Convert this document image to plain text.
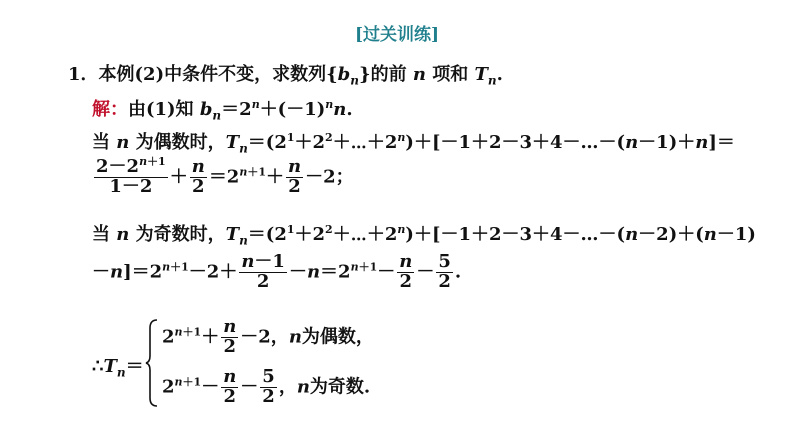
[过关训练]
1．本例(2)中条件不变，求数列$\{b_n\}$的前 n 项和 $T_n$.
解：由(1)知 $b_n=2^n+(-1)^nn$.
当 n 为偶数时，$T_n=(2^1+2^2+\cdots+2^n)+[-1+2-3+4-\dots-(n-1)+n]=$
$\frac{2-2^{n+1}}{1-2} + \frac{n}{2} =2^{n+1}+ \frac{n}{2} -2$；
当 n 为奇数时，$T_n=(2^1+2^2+\cdots+2^n)+[-1+2-3+4-\dots-(n-2)+(n-1)$
$-n]=2^{n+1}-2+ \frac{n-1}{2} -n=2^{n+1}- \frac{n}{2} - \frac{5}{2}$ .
$\therefore T_n=$
$2^{n+1}+ \frac{n}{2} -2$，n为偶数，
$2^{n+1}- \frac{n}{2} - \frac{5}{2}$ ，n为奇数.
